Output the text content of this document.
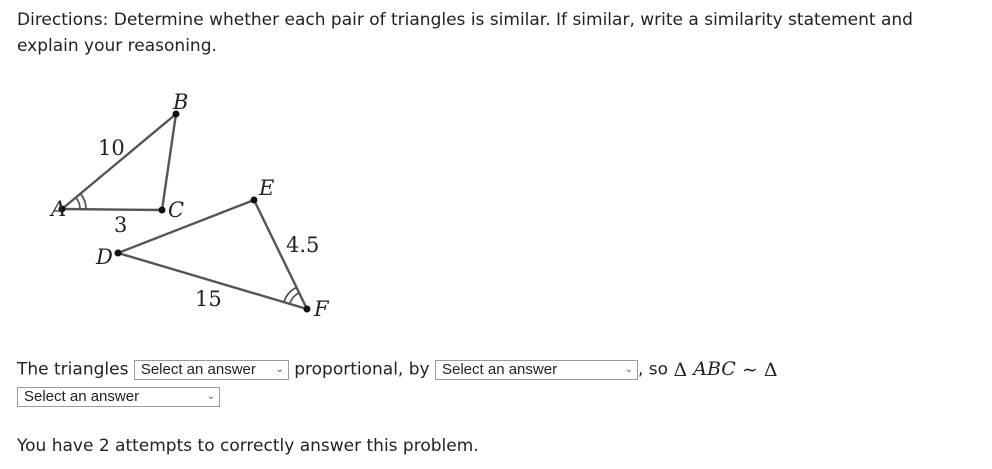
Directions: Determine whether each pair of triangles is similar. If similar, write a similarity statement and explain your reasoning.

A
B
C
D
E
F
10
3
4.5
15
The triangles Select an answer ⌄ proportional, by Select an answer	⌄ , so Δ ABC ∼ Δ
Select an answer	⌄

You have 2 attempts to correctly answer this problem.
